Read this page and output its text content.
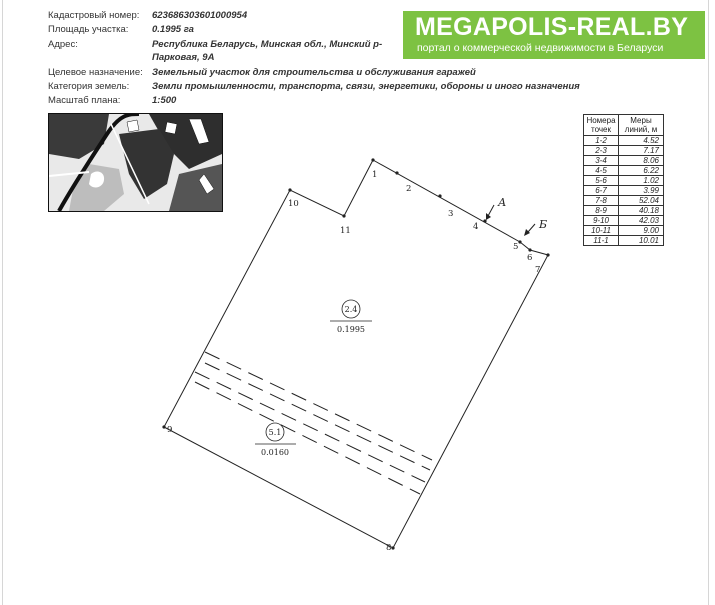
Кадастровый номер: 623686303601000954
Площадь участка: 0.1995 га
Адрес:	Республика Беларусь, Минская обл., Минский р-
Парковая, 9А
Целевое назначение: Земельный участок для строительства и обслуживания гаражей
Категория земель: Земли промышленности, транспорта, связи, энергетики, обороны и иного назначения
Масштаб плана:	1:500
MEGAPOLIS-REAL.BY
портал о коммерческой недвижимости в Беларуси
Номера точек	Меры линий, м
1-2	4.52
2-3	7.17
3-4	8.06
4-5	6.22
5-6	1.02
6-7	3.99
7-8	52.04
8-9	40.18
9-10	42.03
10-11	9.00
11-1	10.01
1
2
3
4
5
6
7
8
9
10
11
А
Б
2.4
0.1995
5.1
0.0160
